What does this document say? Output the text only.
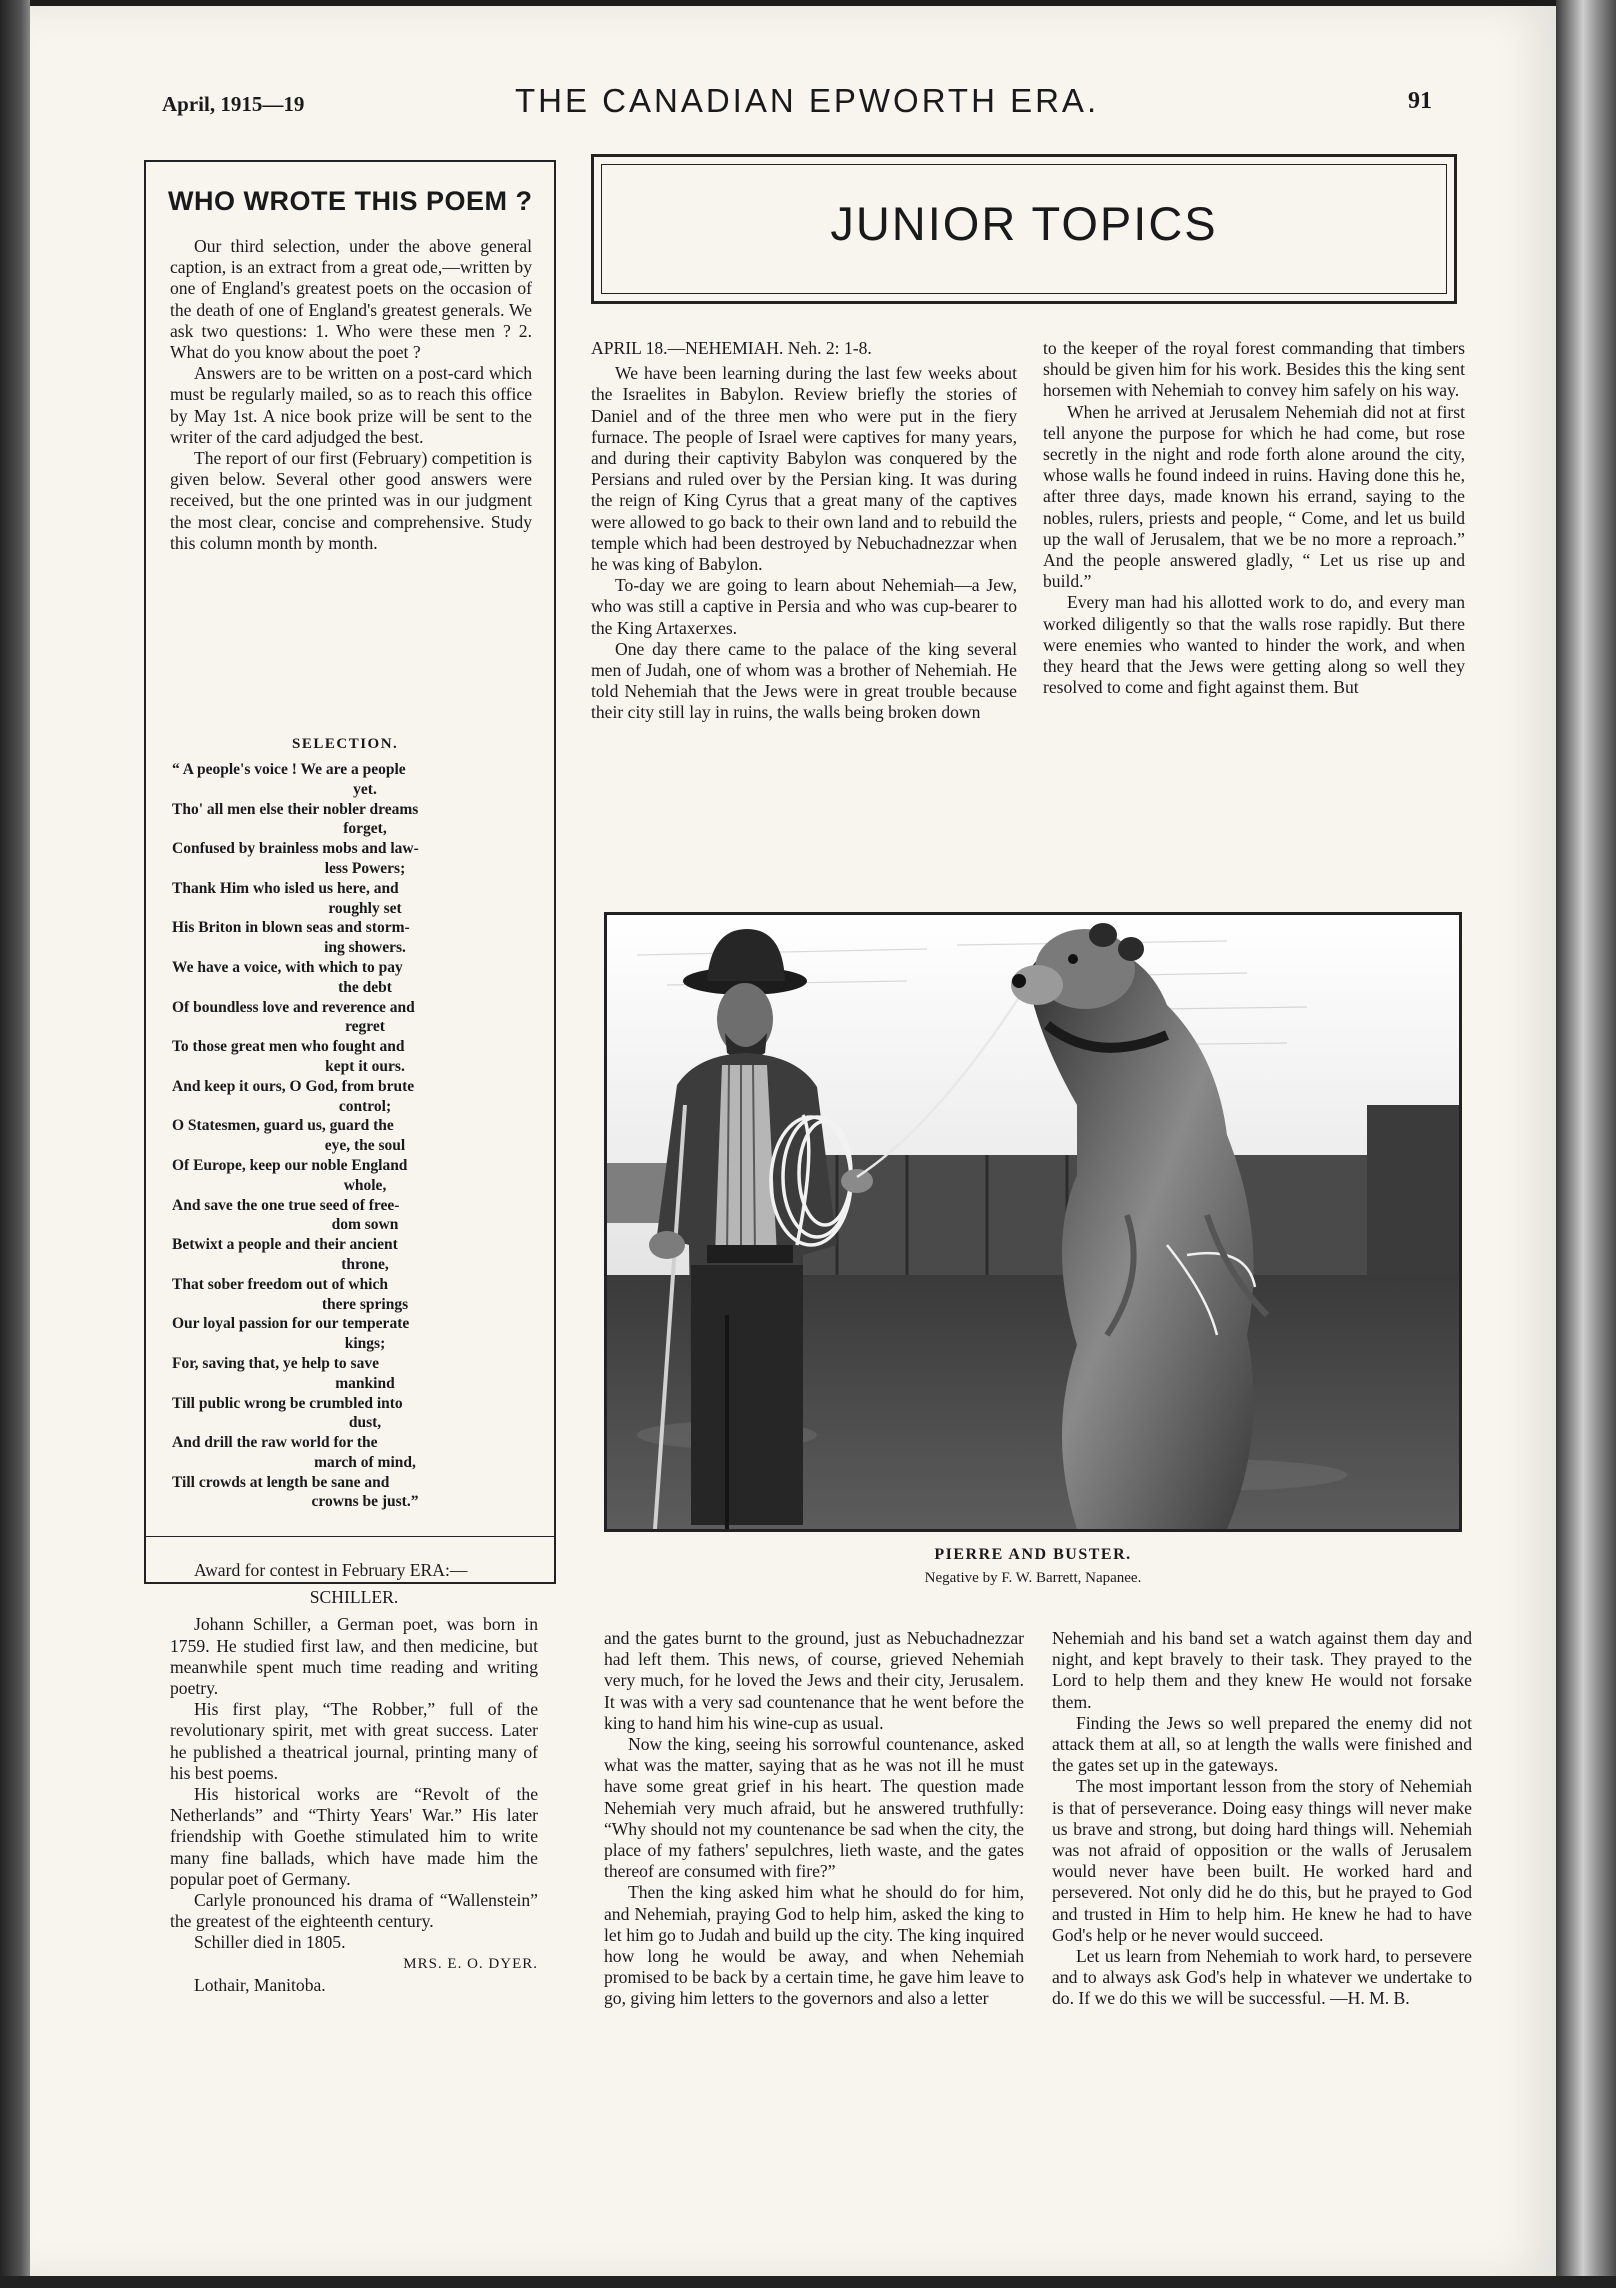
April, 1915—19	THE CANADIAN EPWORTH ERA.	91
WHO WROTE THIS POEM ?

Our third selection, under the above general caption, is an extract from a great ode,—written by one of England's greatest poets on the occasion of the death of one of England's greatest generals. We ask two questions: 1. Who were these men ? 2. What do you know about the poet ?

Answers are to be written on a post-card which must be regularly mailed, so as to reach this office by May 1st. A nice book prize will be sent to the writer of the card adjudged the best.

The report of our first (February) competition is given below. Several other good answers were received, but the one printed was in our judgment the most clear, concise and comprehensive. Study this column month by month.

SELECTION.
“ A people's voice ! We are a people
yet.
Tho' all men else their nobler dreams
forget,
Confused by brainless mobs and law-
less Powers;
Thank Him who isled us here, and
roughly set
His Briton in blown seas and storm-
ing showers.
We have a voice, with which to pay
the debt
Of boundless love and reverence and
regret
To those great men who fought and
kept it ours.
And keep it ours, O God, from brute
control;
O Statesmen, guard us, guard the
eye, the soul
Of Europe, keep our noble England
whole,
And save the one true seed of free-
dom sown
Betwixt a people and their ancient
throne,
That sober freedom out of which
there springs
Our loyal passion for our temperate
kings;
For, saving that, ye help to save
mankind
Till public wrong be crumbled into
dust,
And drill the raw world for the
march of mind,
Till crowds at length be sane and
crowns be just.”

Award for contest in February ERA:—

SCHILLER.

Johann Schiller, a German poet, was born in 1759. He studied first law, and then medicine, but meanwhile spent much time reading and writing poetry.

His first play, “The Robber,” full of the revolutionary spirit, met with great success. Later he published a theatrical journal, printing many of his best poems.

His historical works are “Revolt of the Netherlands” and “Thirty Years' War.” His later friendship with Goethe stimulated him to write many fine ballads, which have made him the popular poet of Germany.

Carlyle pronounced his drama of “Wallenstein” the greatest of the eighteenth century.

Schiller died in 1805.

MRS. E. O. DYER.

Lothair, Manitoba.

JUNIOR TOPICS

APRIL 18.—NEHEMIAH. Neh. 2: 1-8.

We have been learning during the last few weeks about the Israelites in Babylon. Review briefly the stories of Daniel and of the three men who were put in the fiery furnace. The people of Israel were captives for many years, and during their captivity Babylon was conquered by the Persians and ruled over by the Persian king. It was during the reign of King Cyrus that a great many of the captives were allowed to go back to their own land and to rebuild the temple which had been destroyed by Nebuchadnezzar when he was king of Babylon.

To-day we are going to learn about Nehemiah—a Jew, who was still a captive in Persia and who was cup-bearer to the King Artaxerxes.

One day there came to the palace of the king several men of Judah, one of whom was a brother of Nehemiah. He told Nehemiah that the Jews were in great trouble because their city still lay in ruins, the walls being broken down

to the keeper of the royal forest commanding that timbers should be given him for his work. Besides this the king sent horsemen with Nehemiah to convey him safely on his way.

When he arrived at Jerusalem Nehemiah did not at first tell anyone the purpose for which he had come, but rose secretly in the night and rode forth alone around the city, whose walls he found indeed in ruins. Having done this he, after three days, made known his errand, saying to the nobles, rulers, priests and people, “ Come, and let us build up the wall of Jerusalem, that we be no more a reproach.” And the people answered gladly, “ Let us rise up and build.”

Every man had his allotted work to do, and every man worked diligently so that the walls rose rapidly. But there were enemies who wanted to hinder the work, and when they heard that the Jews were getting along so well they resolved to come and fight against them. But

PIERRE AND BUSTER.
Negative by F. W. Barrett, Napanee.

and the gates burnt to the ground, just as Nebuchadnezzar had left them. This news, of course, grieved Nehemiah very much, for he loved the Jews and their city, Jerusalem. It was with a very sad countenance that he went before the king to hand him his wine-cup as usual.

Now the king, seeing his sorrowful countenance, asked what was the matter, saying that as he was not ill he must have some great grief in his heart. The question made Nehemiah very much afraid, but he answered truthfully: “Why should not my countenance be sad when the city, the place of my fathers' sepulchres, lieth waste, and the gates thereof are consumed with fire?”

Then the king asked him what he should do for him, and Nehemiah, praying God to help him, asked the king to let him go to Judah and build up the city. The king inquired how long he would be away, and when Nehemiah promised to be back by a certain time, he gave him leave to go, giving him letters to the governors and also a letter

Nehemiah and his band set a watch against them day and night, and kept bravely to their task. They prayed to the Lord to help them and they knew He would not forsake them.

Finding the Jews so well prepared the enemy did not attack them at all, so at length the walls were finished and the gates set up in the gateways.

The most important lesson from the story of Nehemiah is that of perseverance. Doing easy things will never make us brave and strong, but doing hard things will. Nehemiah was not afraid of opposition or the walls of Jerusalem would never have been built. He worked hard and persevered. Not only did he do this, but he prayed to God and trusted in Him to help him. He knew he had to have God's help or he never would succeed.

Let us learn from Nehemiah to work hard, to persevere and to always ask God's help in whatever we undertake to do. If we do this we will be successful. —H. M. B.
